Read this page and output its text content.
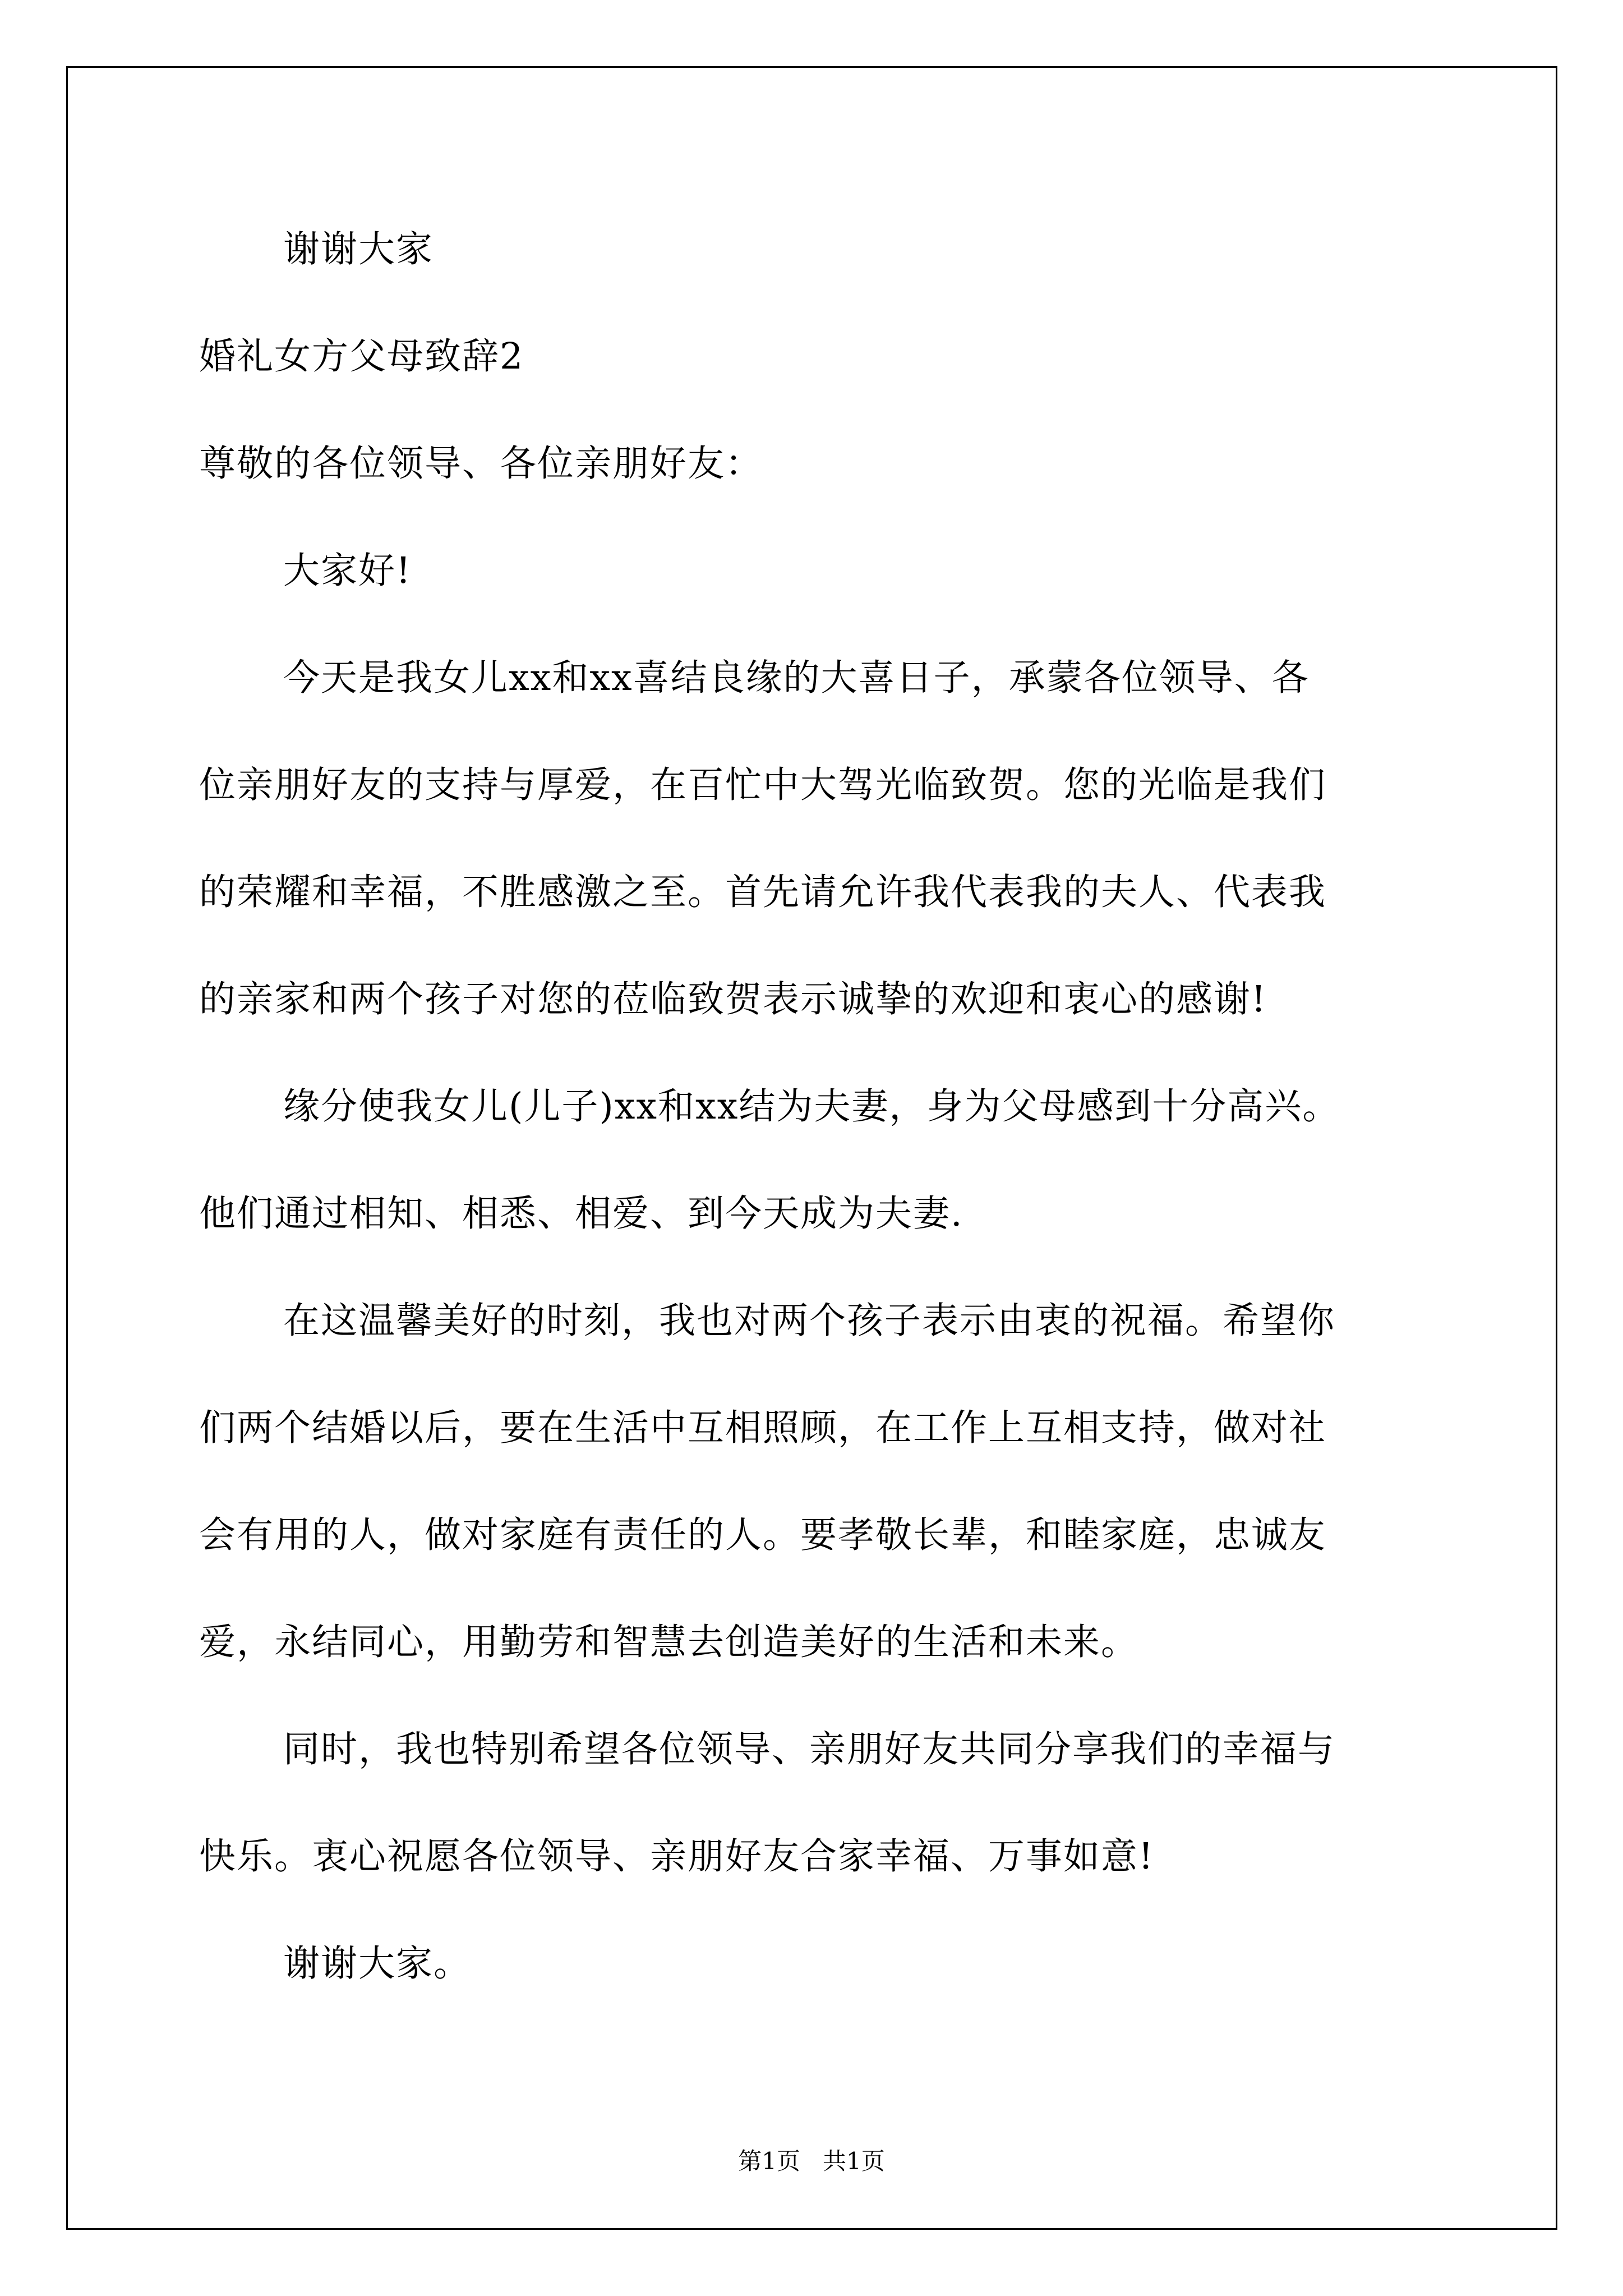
谢谢大家
婚礼女方父母致辞2
尊敬的各位领导、各位亲朋好友：
大家好!
今天是我女儿xx和xx喜结良缘的大喜日子，承蒙各位领导、各
位亲朋好友的支持与厚爱，在百忙中大驾光临致贺。您的光临是我们
的荣耀和幸福，不胜感激之至。首先请允许我代表我的夫人、代表我
的亲家和两个孩子对您的莅临致贺表示诚挚的欢迎和衷心的感谢!
缘分使我女儿(儿子)xx和xx结为夫妻，身为父母感到十分高兴。
他们通过相知、相悉、相爱、到今天成为夫妻.
在这温馨美好的时刻，我也对两个孩子表示由衷的祝福。希望你
们两个结婚以后，要在生活中互相照顾，在工作上互相支持，做对社
会有用的人，做对家庭有责任的人。要孝敬长辈，和睦家庭，忠诚友
爱，永结同心，用勤劳和智慧去创造美好的生活和未来。
同时，我也特别希望各位领导、亲朋好友共同分享我们的幸福与
快乐。衷心祝愿各位领导、亲朋好友合家幸福、万事如意!
谢谢大家。
第1页   共1页
